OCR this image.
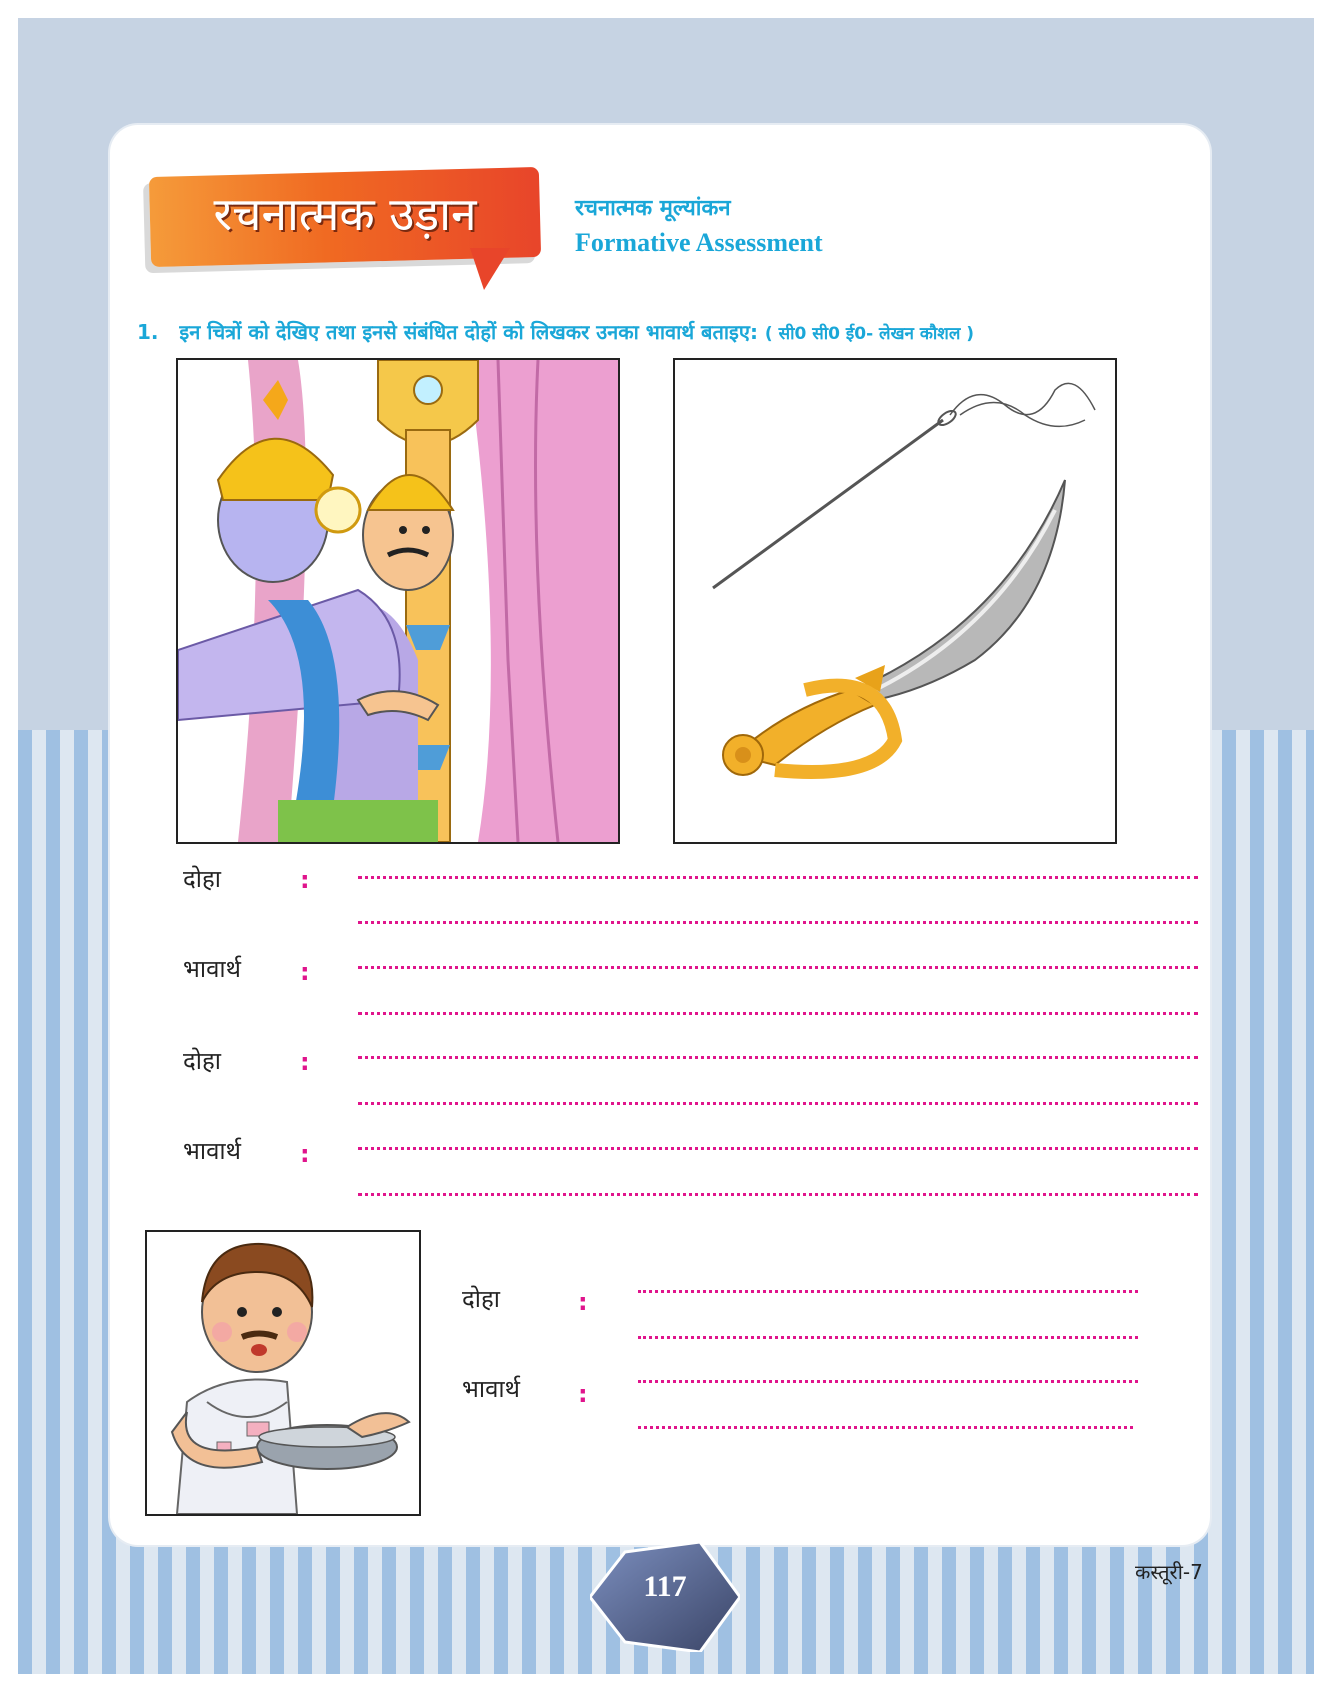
रचनात्मक उड़ान	रचनात्मक मूल्यांकन
Formative Assessment
1. इन चित्रों को देखिए तथा इनसे संबंधित दोहों को लिखकर उनका भावार्थ बताइए: ( सी0 सी0 ई0- लेखन कौशल )
दोहा	:
भावार्थ :
दोहा	:
भावार्थ :
दोहा	:
भावार्थ :
117	कस्तूरी-7
